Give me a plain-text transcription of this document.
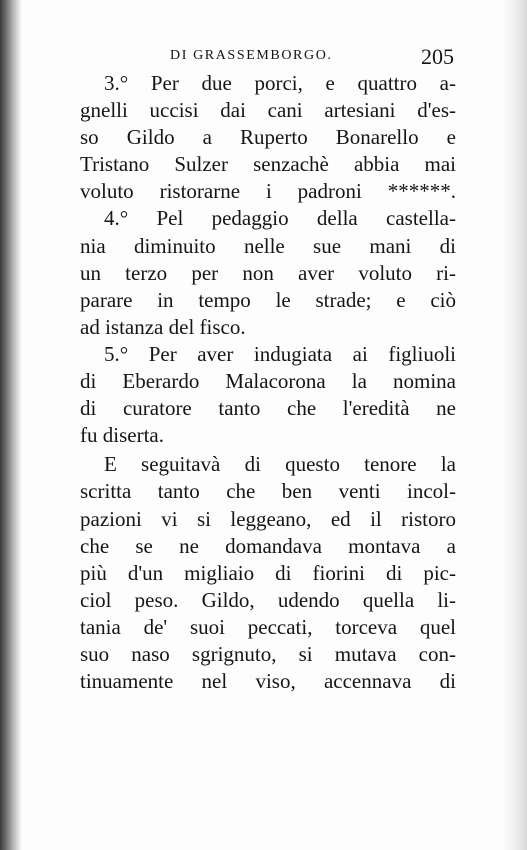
DI GRASSEMBORGO.	205
3.° Per due porci, e quattro a-
gnelli uccisi dai cani artesiani d'es-
so Gildo a Ruperto Bonarello e
Tristano Sulzer senzachè abbia mai
voluto ristorarne i padroni ******.
4.° Pel pedaggio della castella-
nia diminuito nelle sue mani di
un terzo per non aver voluto ri-
parare in tempo le strade; e ciò
ad istanza del fisco.
5.° Per aver indugiata ai figliuoli
di Eberardo Malacorona la nomina
di curatore tanto che l'eredità ne
fu diserta.
E seguitavà di questo tenore la
scritta tanto che ben venti incol-
pazioni vi si leggeano, ed il ristoro
che se ne domandava montava a
più d'un migliaio di fiorini di pic-
ciol peso. Gildo, udendo quella li-
tania de' suoi peccati, torceva quel
suo naso sgrignuto, si mutava con-
tinuamente nel viso, accennava di
